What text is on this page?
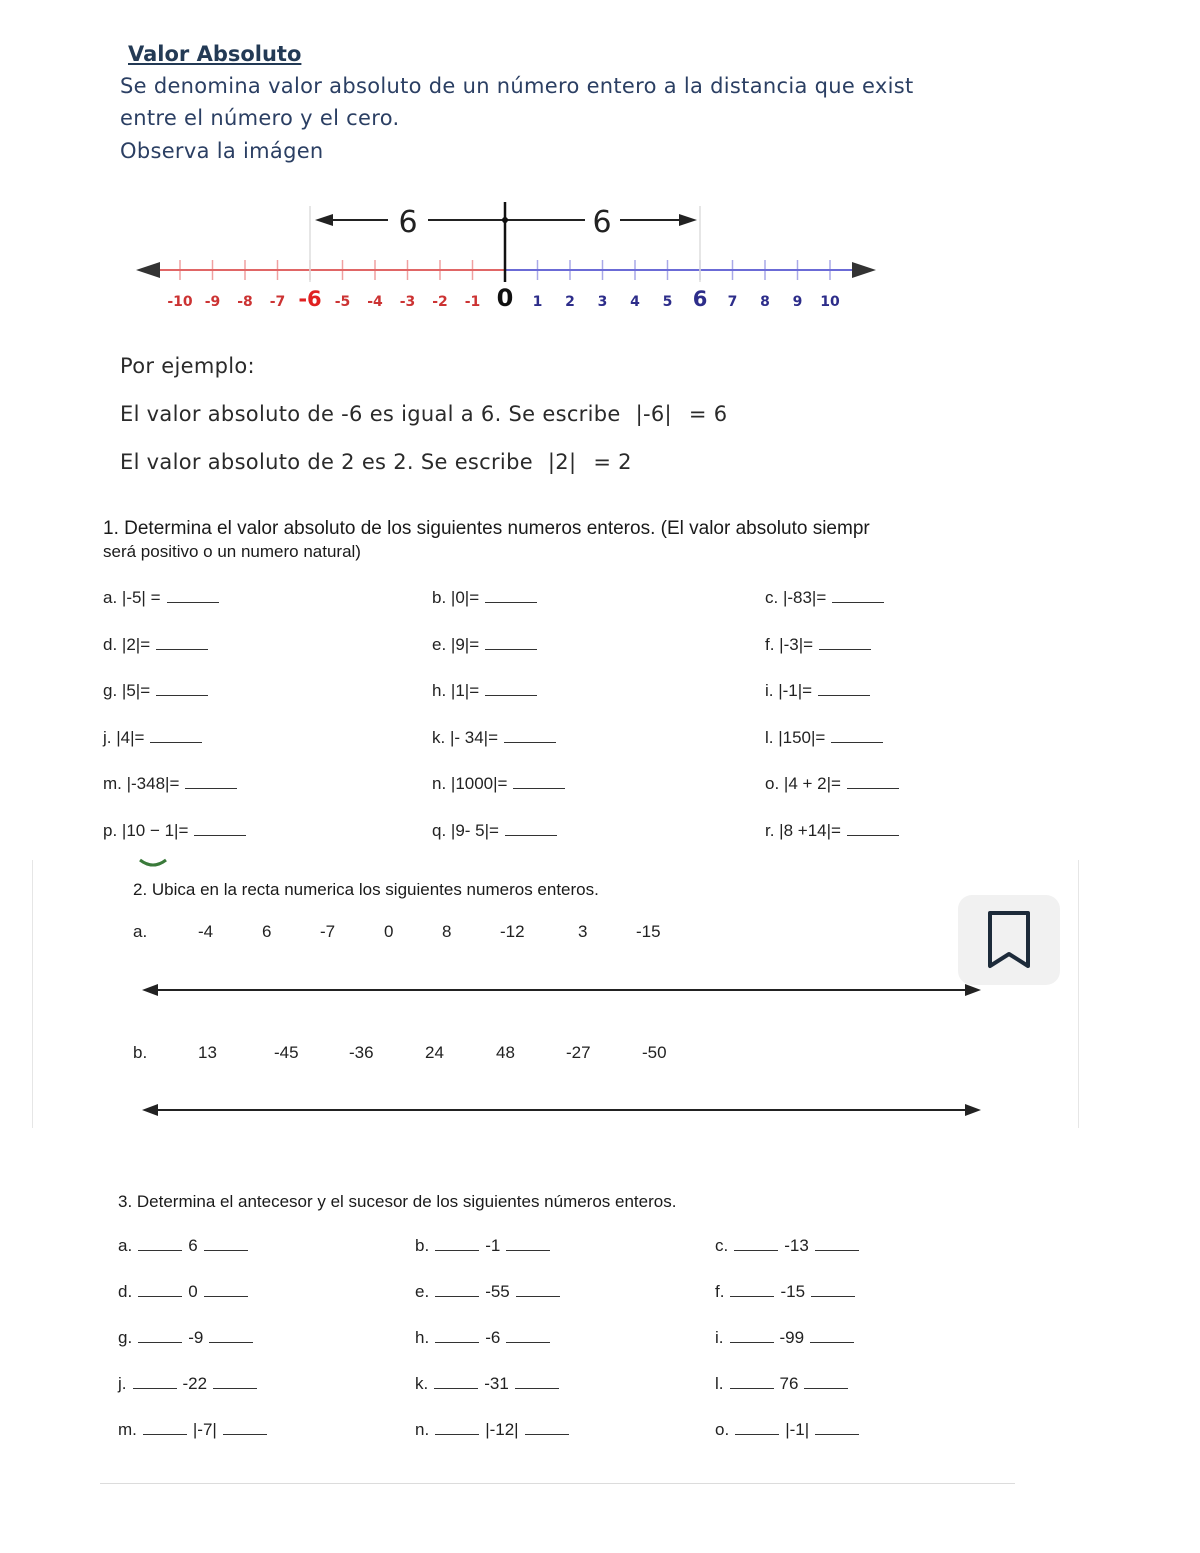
Valor Absoluto
Se denomina valor absoluto de un número entero a la distancia que exist
entre el número y el cero.
Observa la imágen
-10 -9 -8 -7 -6 -5 -4 -3 -2 -1 0 1 2 3 4 5 6 7 8 9 10
6	6
Por ejemplo:
El valor absoluto de -6 es igual a 6. Se escribe |-6| = 6
El valor absoluto de 2 es 2. Se escribe |2| = 2
1. Determina el valor absoluto de los siguientes numeros enteros. (El valor absoluto siempr
será positivo o un numero natural)
a. |-5| =	b. |0|=	c. |-83|=
d. |2|=	e. |9|=	f. |-3|=
g. |5|=	h. |1|=	i. |-1|=
j. |4|=	k. |- 34|=	l. |150|=
m. |-348|=	n. |1000|=	o. |4 + 2|=
p. |10 − 1|=	q. |9- 5|=	r. |8 +14|=
2. Ubica en la recta numerica los siguientes numeros enteros.
a.	-4	6	-7	0	8	-12	3	-15
b.	13	-45	-36	24	48	-27	-50
3. Determina el antecesor y el sucesor de los siguientes números enteros.
a.	6	b.	-1	c.	-13
d.	0	e.	-55	f.	-15
g.	-9	h.	-6	i.	-99
j.	-22	k.	-31	l.	76
m.	|-7|	n.	|-12|	o.	|-1|
